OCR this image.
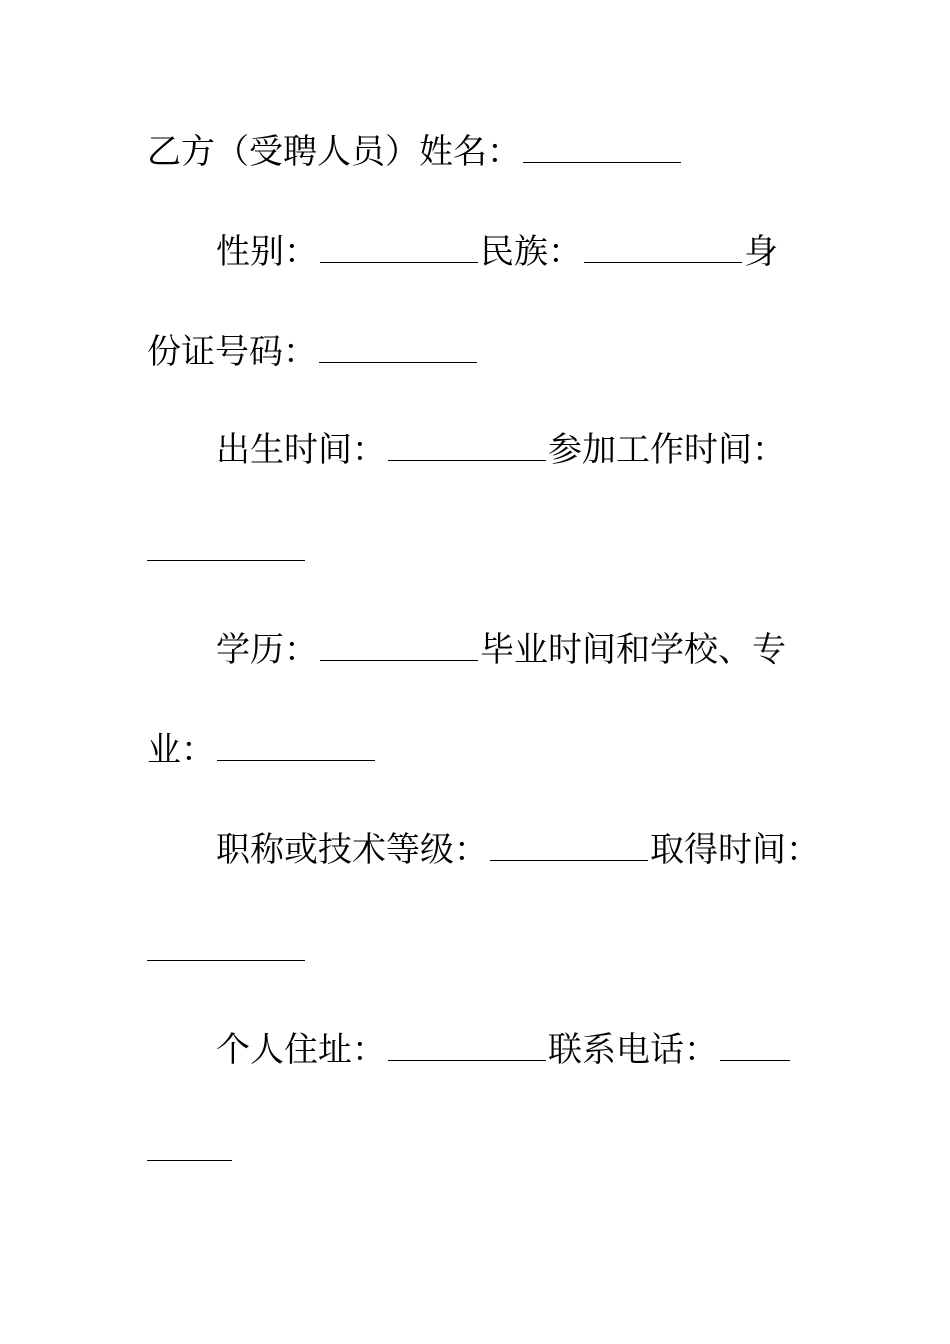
乙方（受聘人员）姓名：
性别：	民族：	身
份证号码：
出生时间：	参加工作时间：
学历：	毕业时间和学校、专
业：
职称或技术等级：	取得时间：
个人住址：	联系电话：
